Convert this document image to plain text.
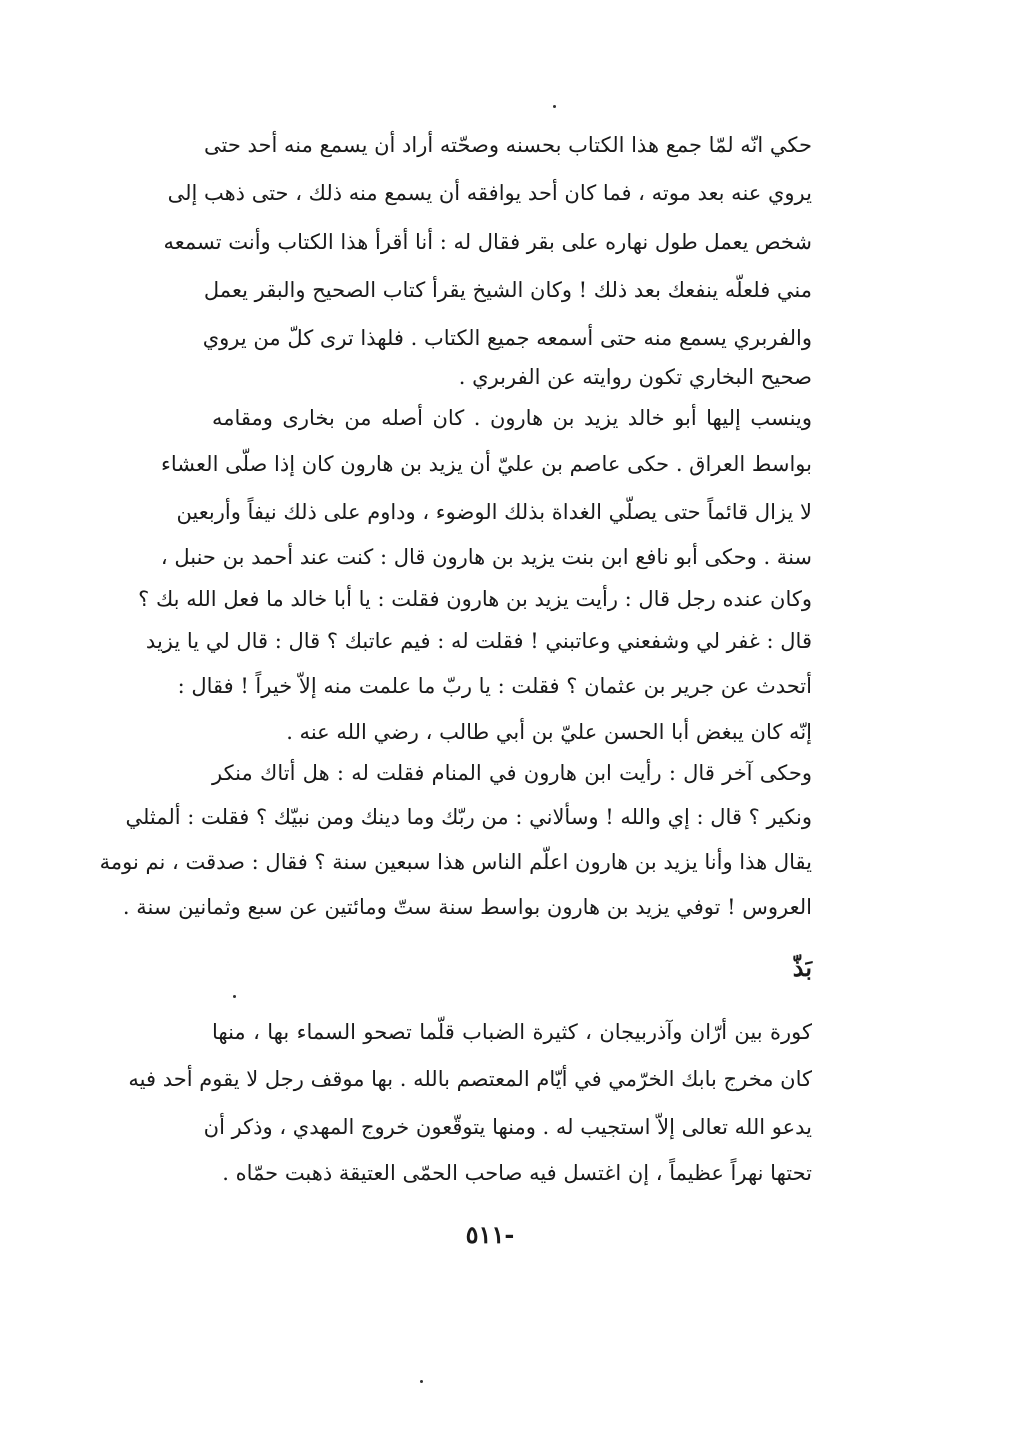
حكي انّه لمّا جمع هذا الكتاب بحسنه وصحّته أراد أن يسمع منه أحد حتى
يروي عنه بعد موته ، فما كان أحد يوافقه أن يسمع منه ذلك ، حتى ذهب إلى
شخص يعمل طول نهاره على بقر فقال له : أنا أقرأ هذا الكتاب وأنت تسمعه
مني فلعلّه ينفعك بعد ذلك ! وكان الشيخ يقرأ كتاب الصحيح والبقر يعمل
والفربري يسمع منه حتى أسمعه جميع الكتاب . فلهذا ترى كلّ من يروي
صحيح البخاري تكون روايته عن الفربري .
وينسب إليها أبو خالد يزيد بن هارون . كان أصله من بخارى ومقامه
بواسط العراق . حكى عاصم بن عليّ أن يزيد بن هارون كان إذا صلّى العشاء
لا يزال قائماً حتى يصلّي الغداة بذلك الوضوء ، وداوم على ذلك نيفاً وأربعين
سنة . وحكى أبو نافع ابن بنت يزيد بن هارون قال : كنت عند أحمد بن حنبل ،
وكان عنده رجل قال : رأيت يزيد بن هارون فقلت : يا أبا خالد ما فعل الله بك ؟
قال : غفر لي وشفعني وعاتبني ! فقلت له : فيم عاتبك ؟ قال : قال لي يا يزيد
أتحدث عن جرير بن عثمان ؟ فقلت : يا ربّ ما علمت منه إلاّ خيراً ! فقال :
إنّه كان يبغض أبا الحسن عليّ بن أبي طالب ، رضي الله عنه .
وحكى آخر قال : رأيت ابن هارون في المنام فقلت له : هل أتاك منكر
ونكير ؟ قال : إي والله ! وسألاني : من ربّك وما دينك ومن نبيّك ؟ فقلت : ألمثلي
يقال هذا وأنا يزيد بن هارون اعلّم الناس هذا سبعين سنة ؟ فقال : صدقت ، نم نومة
العروس ! توفي يزيد بن هارون بواسط سنة ستّ ومائتين عن سبع وثمانين سنة .
بَذّ
كورة بين أرّان وآذربيجان ، كثيرة الضباب قلّما تصحو السماء بها ، منها
كان مخرج بابك الخرّمي في أيّام المعتصم بالله . بها موقف رجل لا يقوم أحد فيه
يدعو الله تعالى إلاّ استجيب له . ومنها يتوقّعون خروج المهدي ، وذكر أن
تحتها نهراً عظيماً ، إن اغتسل فيه صاحب الحمّى العتيقة ذهبت حمّاه .
-٥١١
